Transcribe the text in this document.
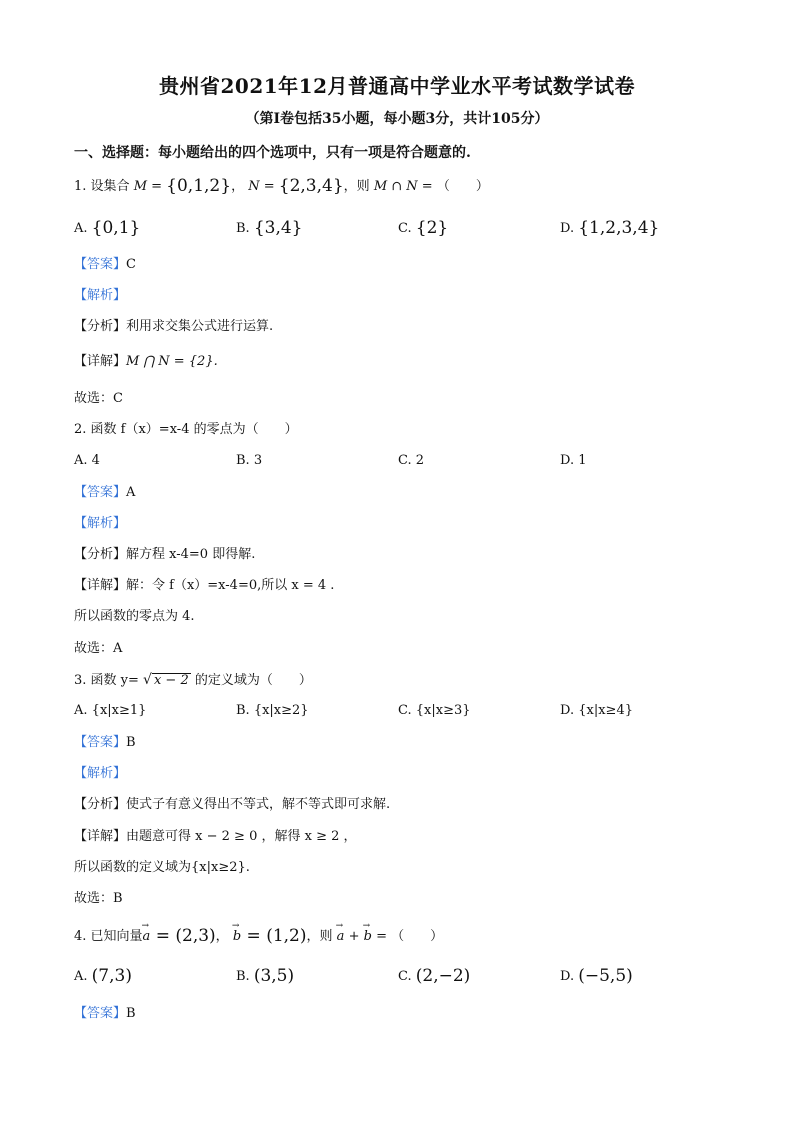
贵州省2021年12月普通高中学业水平考试数学试卷
（第I卷包括35小题，每小题3分，共计105分）
一、选择题：每小题给出的四个选项中，只有一项是符合题意的.
1. 设集合 M = {0,1,2}， N = {2,3,4}，则 M ∩ N = （　　）
A. {0,1}	B. {3,4}	C. {2}	D. {1,2,3,4}
【答案】C
【解析】
【分析】利用求交集公式进行运算.
【详解】M ⋂ N = {2}.
故选：C
2. 函数 f（x）=x-4 的零点为（　　）
A. 4	B. 3	C. 2	D. 1
【答案】A
【解析】
【分析】解方程 x-4=0 即得解.
【详解】解：令 f（x）=x-4=0,所以 x = 4 .
所以函数的零点为 4.
故选：A
3. 函数 y= √ x − 2 的定义域为（　　）
A. {x|x≥1}	B. {x|x≥2}	C. {x|x≥3}	D. {x|x≥4}
【答案】B
【解析】
【分析】使式子有意义得出不等式，解不等式即可求解.
【详解】由题意可得 x − 2 ≥ 0 ，解得 x ≥ 2 ，
所以函数的定义域为{x|x≥2}.
故选：B
4. 已知向量→ a = (2,3)， → b = (1,2)，则 → a + → b = （　　）
A. (7,3)	B. (3,5)	C. (2,−2)	D. (−5,5)
【答案】B
